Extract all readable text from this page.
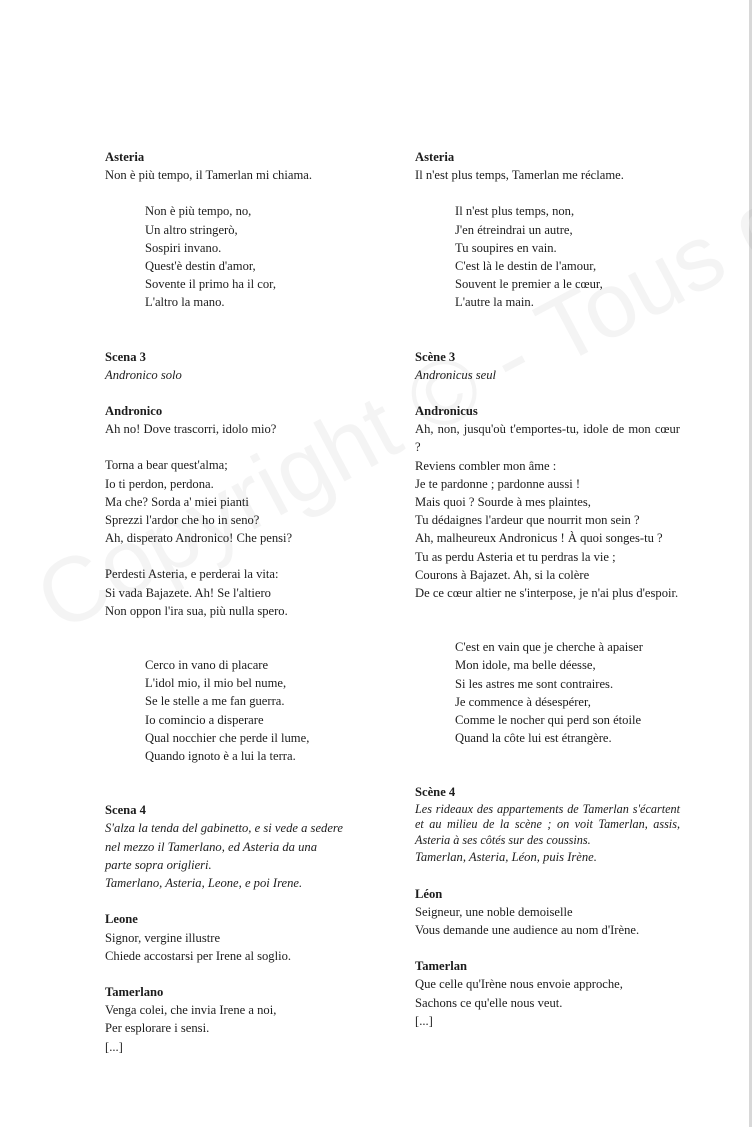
Asteria
Non è più tempo, il Tamerlan mi chiama.
Non è più tempo, no,
Un altro stringerò,
Sospiri invano.
Quest'è destin d'amor,
Sovente il primo ha il cor,
L'altro la mano.
Scena 3
Andronico solo
Andronico
Ah no! Dove trascorri, idolo mio?
Torna a bear quest'alma;
Io ti perdon, perdona.
Ma che? Sorda a' miei pianti
Sprezzi l'ardor che ho in seno?
Ah, disperato Andronico! Che pensi?
Perdesti Asteria, e perderai la vita:
Si vada Bajazete. Ah! Se l'altiero
Non oppon l'ira sua, più nulla spero.
Cerco in vano di placare
L'idol mio, il mio bel nume,
Se le stelle a me fan guerra.
Io comincio a disperare
Qual nocchier che perde il lume,
Quando ignoto è a lui la terra.
Scena 4
S'alza la tenda del gabinetto, e si vede a sedere
nel mezzo il Tamerlano, ed Asteria da una
parte sopra origlieri.
Tamerlano, Asteria, Leone, e poi Irene.
Leone
Signor, vergine illustre
Chiede accostarsi per Irene al soglio.
Tamerlano
Venga colei, che invia Irene a noi,
Per esplorare i sensi.
[...]
Asteria
Il n'est plus temps, Tamerlan me réclame.
Il n'est plus temps, non,
J'en étreindrai un autre,
Tu soupires en vain.
C'est là le destin de l'amour,
Souvent le premier a le cœur,
L'autre la main.
Scène 3
Andronicus seul
Andronicus
Ah, non, jusqu'où t'emportes-tu, idole de mon cœur ?
Reviens combler mon âme :
Je te pardonne ; pardonne aussi !
Mais quoi ? Sourde à mes plaintes,
Tu dédaignes l'ardeur que nourrit mon sein ?
Ah, malheureux Andronicus ! À quoi songes-tu ?
Tu as perdu Asteria et tu perdras la vie ;
Courons à Bajazet. Ah, si la colère
De ce cœur altier ne s'interpose, je n'ai plus d'espoir.
C'est en vain que je cherche à apaiser
Mon idole, ma belle déesse,
Si les astres me sont contraires.
Je commence à désespérer,
Comme le nocher qui perd son étoile
Quand la côte lui est étrangère.
Scène 4
Les rideaux des appartements de Tamerlan s'écartent et au milieu de la scène ; on voit Tamerlan, assis, Asteria à ses côtés sur des coussins.
Tamerlan, Asteria, Léon, puis Irène.
Léon
Seigneur, une noble demoiselle
Vous demande une audience au nom d'Irène.
Tamerlan
Que celle qu'Irène nous envoie approche,
Sachons ce qu'elle nous veut.
[...]
